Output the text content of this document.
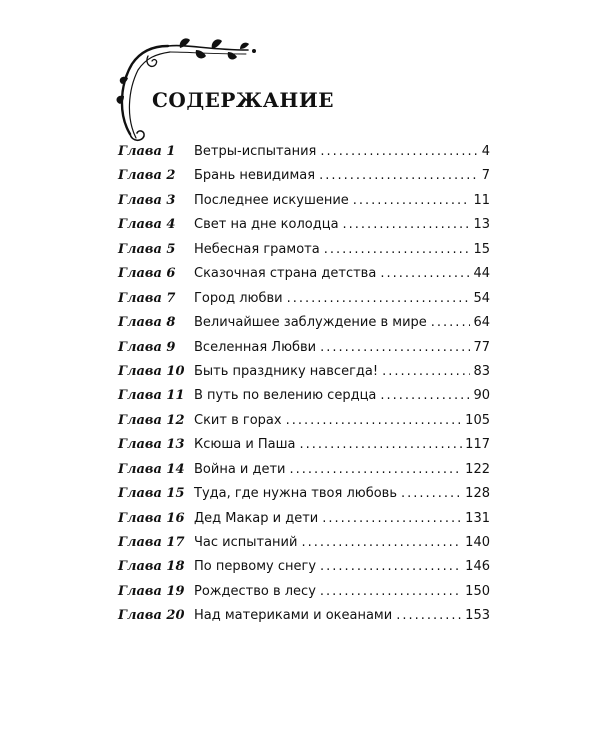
СОДЕРЖАНИЕ
Глава 1	Ветры-испытания .....	4
Глава 2	Брань невидимая .....	7
Глава 3	Последнее искушение .....	11
Глава 4	Свет на дне колодца .....	13
Глава 5	Небесная грамота .....	15
Глава 6	Сказочная страна детства .....	44
Глава 7	Город любви .....	54
Глава 8	Величайшее заблуждение в мире .....	64
Глава 9	Вселенная Любви .....	77
Глава 10 Быть празднику навсегда! .....	83
Глава 11 В путь по велению сердца .....	90
Глава 12 Скит в горах .....	105
Глава 13 Ксюша и Паша .....	117
Глава 14 Война и дети .....	122
Глава 15 Туда, где нужна твоя любовь .....	128
Глава 16 Дед Макар и дети .....	131
Глава 17 Час испытаний .....	140
Глава 18 По первому снегу .....	146
Глава 19 Рождество в лесу .....	150
Глава 20 Над материками и океанами .....	153
